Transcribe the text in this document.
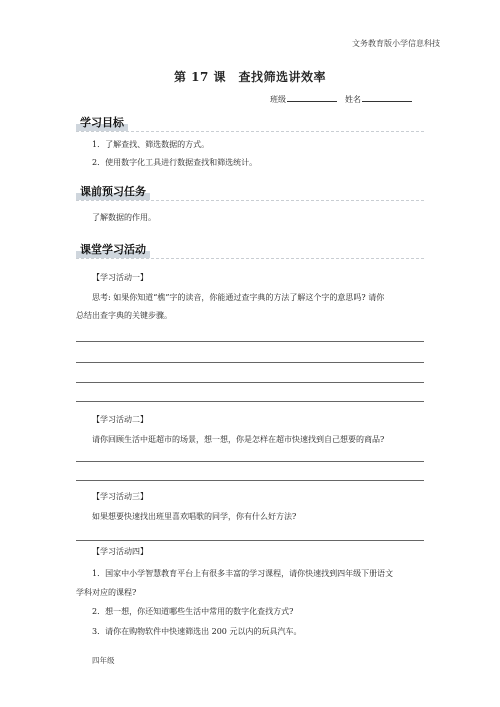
文务教育版小学信息科技
第 17 课　查找筛选讲效率
班级	姓名
学习目标
1．了解查找、筛选数据的方式。
2．使用数字化工具进行数据查找和筛选统计。
课前预习任务
了解数据的作用。
课堂学习活动
【学习活动一】
思考: 如果你知道“樵”字的读音，你能通过查字典的方法了解这个字的意思吗? 请你
总结出查字典的关键步骤。
【学习活动二】
请你回顾生活中逛超市的场景，想一想，你是怎样在超市快速找到自己想要的商品?
【学习活动三】
如果想要快速找出班里喜欢唱歌的同学，你有什么好方法?
【学习活动四】
1．国家中小学智慧教育平台上有很多丰富的学习课程，请你快速找到四年级下册语文
学科对应的课程?
2．想一想，你还知道哪些生活中常用的数字化查找方式?
3．请你在购物软件中快速筛选出 200 元以内的玩具汽车。
四年级
